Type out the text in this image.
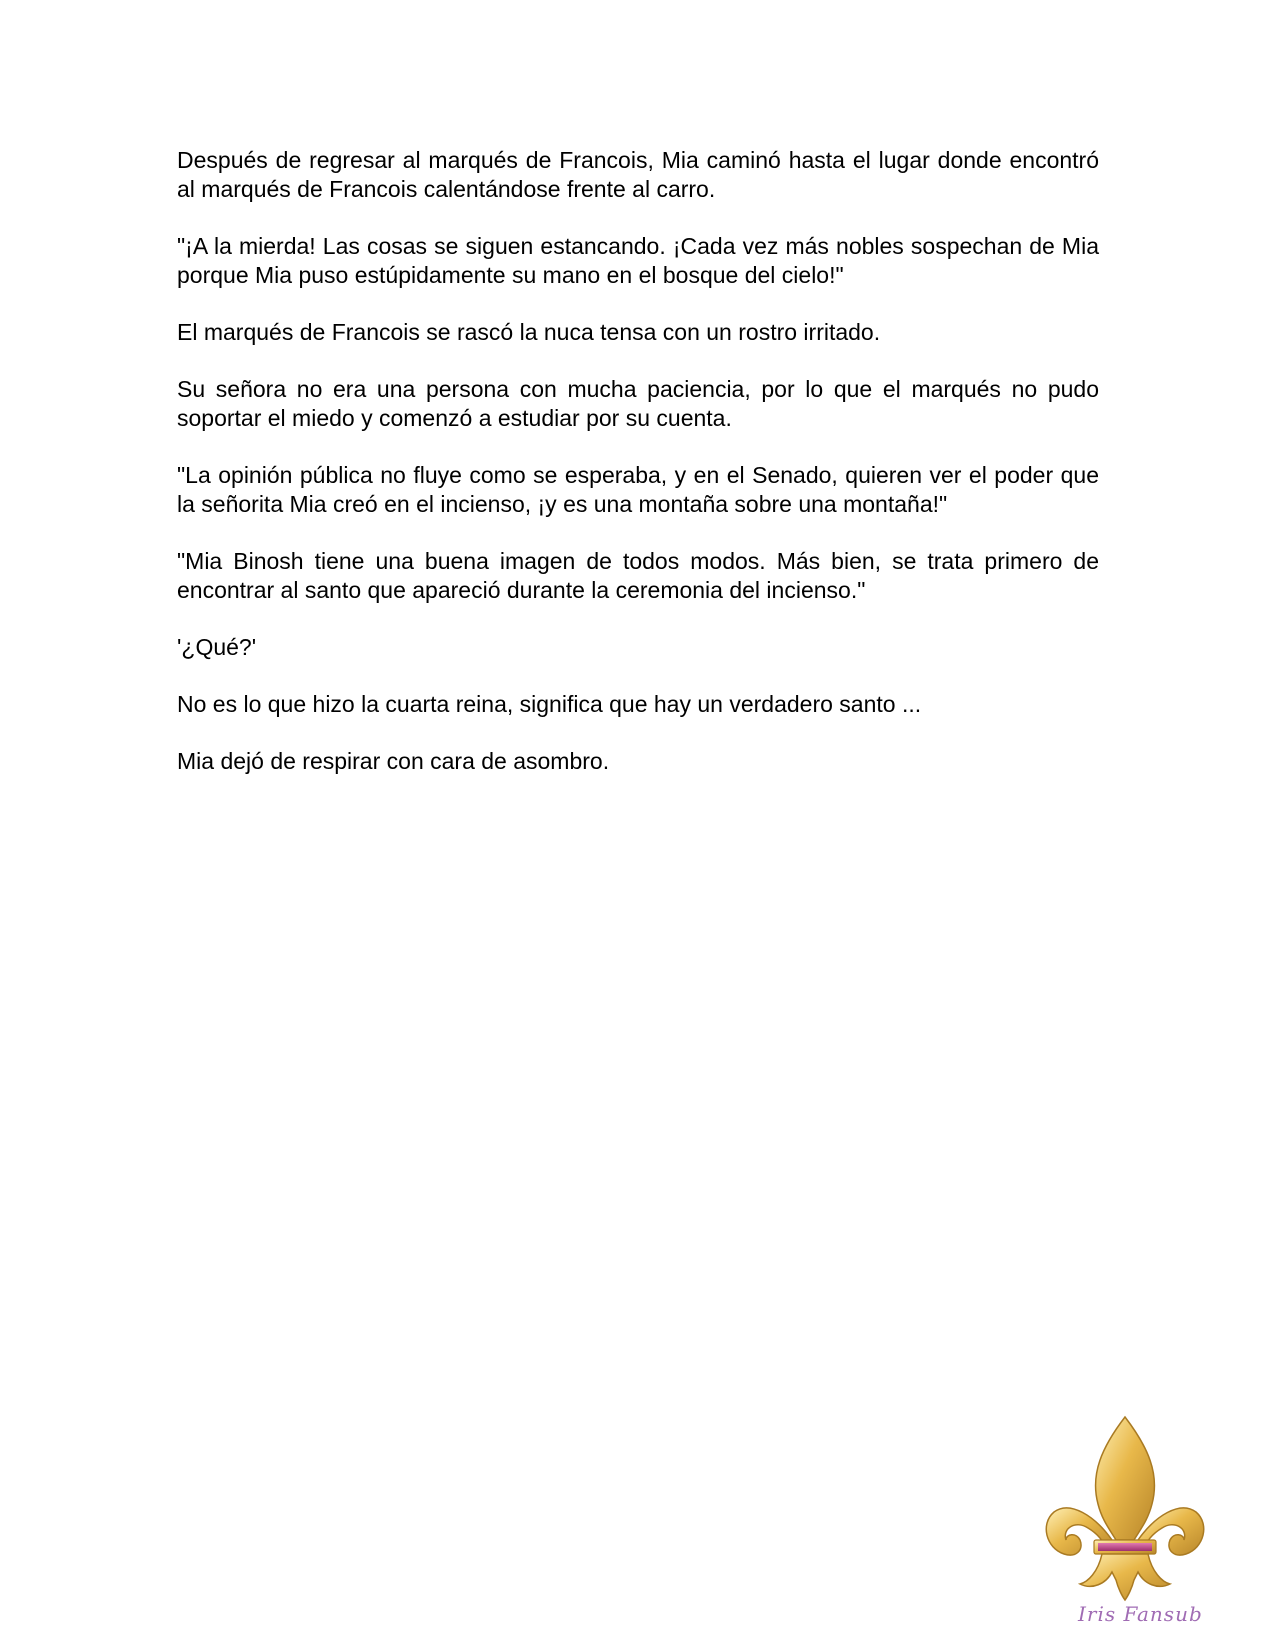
Después de regresar al marqués de Francois, Mia caminó hasta el lugar donde encontró al marqués de Francois calentándose frente al carro.

"¡A la mierda! Las cosas se siguen estancando. ¡Cada vez más nobles sospechan de Mia porque Mia puso estúpidamente su mano en el bosque del cielo!"

El marqués de Francois se rascó la nuca tensa con un rostro irritado.

Su señora no era una persona con mucha paciencia, por lo que el marqués no pudo soportar el miedo y comenzó a estudiar por su cuenta.

"La opinión pública no fluye como se esperaba, y en el Senado, quieren ver el poder que la señorita Mia creó en el incienso, ¡y es una montaña sobre una montaña!"

"Mia Binosh tiene una buena imagen de todos modos. Más bien, se trata primero de encontrar al santo que apareció durante la ceremonia del incienso."

'¿Qué?'

No es lo que hizo la cuarta reina, significa que hay un verdadero santo ...

Mia dejó de respirar con cara de asombro.

Iris Fansub
